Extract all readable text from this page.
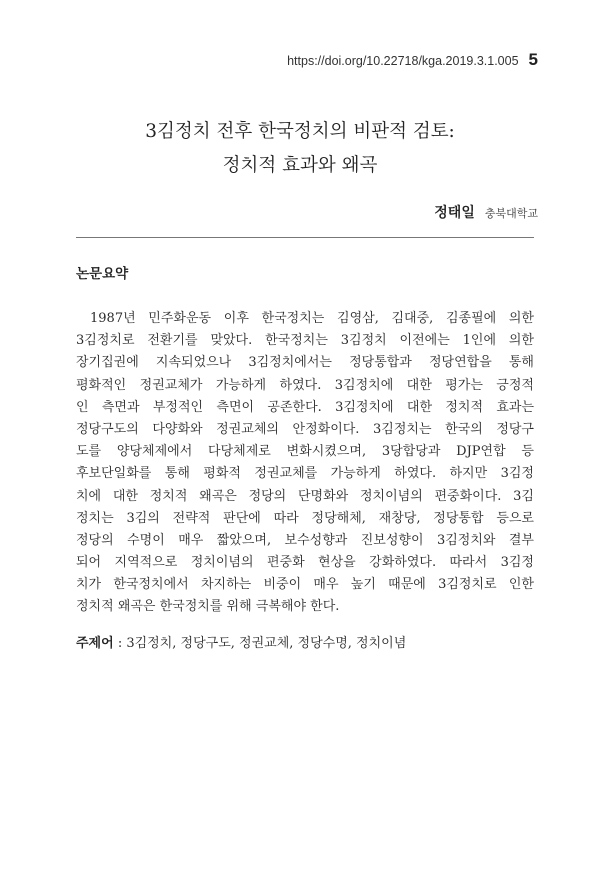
https://doi.org/10.22718/kga.2019.3.1.005 5
3김정치 전후 한국정치의 비판적 검토:
정치적 효과와 왜곡
정태일 충북대학교
논문요약
1987년 민주화운동 이후 한국정치는 김영삼, 김대중, 김종필에 의한
3김정치로 전환기를 맞았다. 한국정치는 3김정치 이전에는 1인에 의한
장기집권에 지속되었으나 3김정치에서는 정당통합과 정당연합을 통해
평화적인 정권교체가 가능하게 하였다. 3김정치에 대한 평가는 긍정적
인 측면과 부정적인 측면이 공존한다. 3김정치에 대한 정치적 효과는
정당구도의 다양화와 정권교체의 안정화이다. 3김정치는 한국의 정당구
도를 양당체제에서 다당체제로 변화시켰으며, 3당합당과 DJP연합 등
후보단일화를 통해 평화적 정권교체를 가능하게 하였다. 하지만 3김정
치에 대한 정치적 왜곡은 정당의 단명화와 정치이념의 편중화이다. 3김
정치는 3김의 전략적 판단에 따라 정당해체, 재창당, 정당통합 등으로
정당의 수명이 매우 짧았으며, 보수성향과 진보성향이 3김정치와 결부
되어 지역적으로 정치이념의 편중화 현상을 강화하였다. 따라서 3김정
치가 한국정치에서 차지하는 비중이 매우 높기 때문에 3김정치로 인한
정치적 왜곡은 한국정치를 위해 극복해야 한다.
주제어 : 3김정치, 정당구도, 정권교체, 정당수명, 정치이념
